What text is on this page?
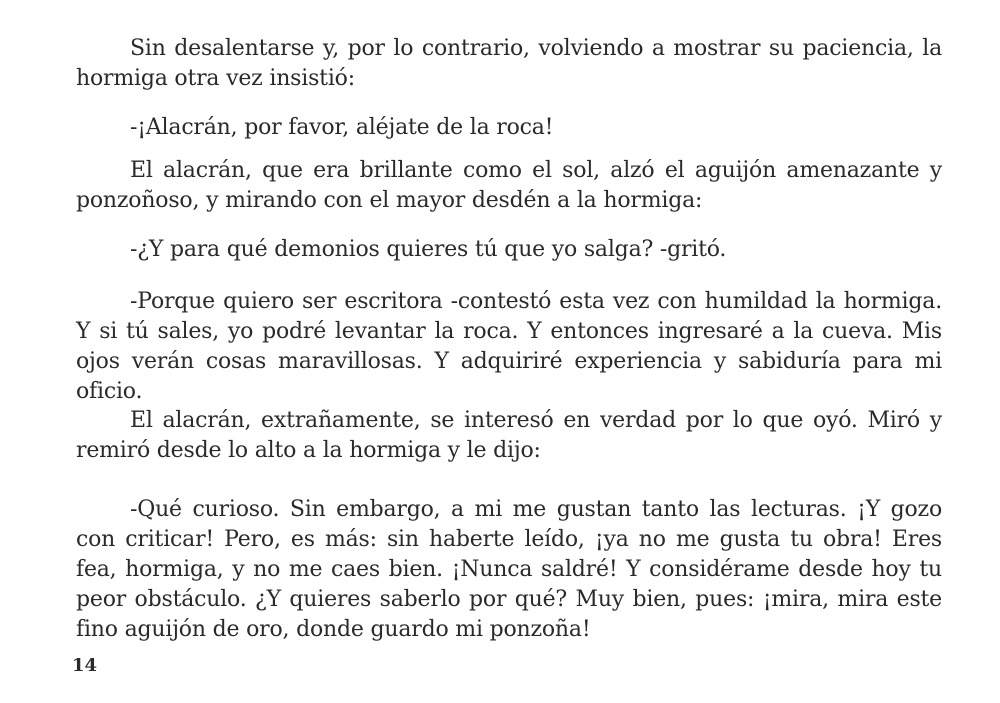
Sin desalentarse y, por lo contrario, volviendo a mostrar su paciencia, la hormiga otra vez insistió:

-¡Alacrán, por favor, aléjate de la roca!

El alacrán, que era brillante como el sol, alzó el aguijón amenazante y ponzoñoso, y mirando con el mayor desdén a la hormiga:

-¿Y para qué demonios quieres tú que yo salga? -gritó.

-Porque quiero ser escritora -contestó esta vez con humildad la hormiga. Y si tú sales, yo podré levantar la roca. Y entonces ingresaré a la cueva. Mis ojos verán cosas maravillosas. Y adquiriré experiencia y sabiduría para mi oficio.

El alacrán, extrañamente, se interesó en verdad por lo que oyó. Miró y remiró desde lo alto a la hormiga y le dijo:

-Qué curioso. Sin embargo, a mi me gustan tanto las lecturas. ¡Y gozo con criticar! Pero, es más: sin haberte leído, ¡ya no me gusta tu obra! Eres fea, hormiga, y no me caes bien. ¡Nunca saldré! Y considérame desde hoy tu peor obstáculo. ¿Y quieres saberlo por qué? Muy bien, pues: ¡mira, mira este fino aguijón de oro, donde guardo mi ponzoña!

14
